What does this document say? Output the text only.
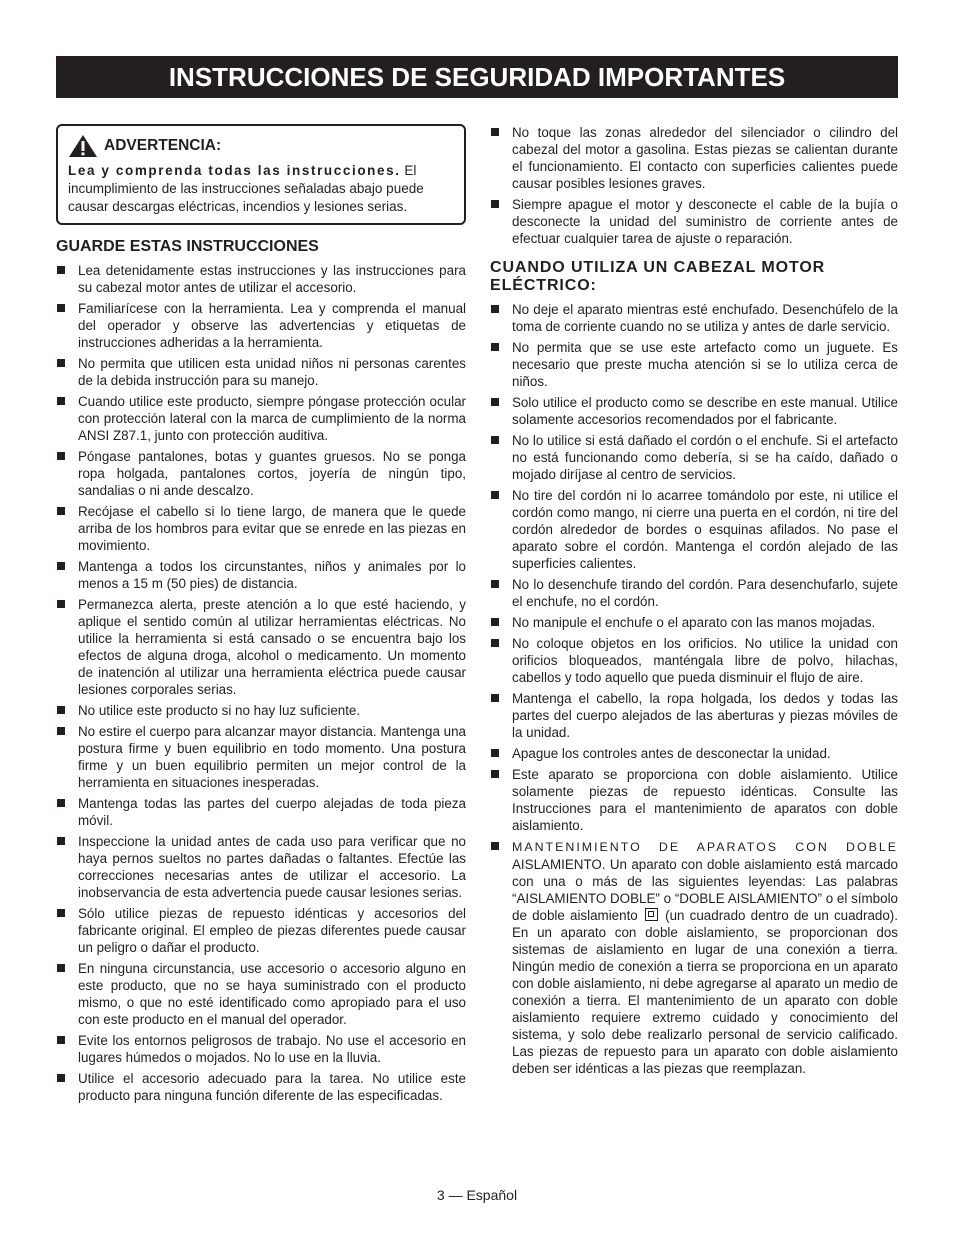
INSTRUCCIONES DE SEGURIDAD IMPORTANTES
ADVERTENCIA:
Lea y comprenda todas las instrucciones. El incumplimiento de las instrucciones señaladas abajo puede causar descargas eléctricas, incendios y lesiones serias.
GUARDE ESTAS INSTRUCCIONES
Lea detenidamente estas instrucciones y las instrucciones para su cabezal motor antes de utilizar el accesorio.
Familiarícese con la herramienta. Lea y comprenda el manual del operador y observe las advertencias y etiquetas de instrucciones adheridas a la herramienta.
No permita que utilicen esta unidad niños ni personas carentes de la debida instrucción para su manejo.
Cuando utilice este producto, siempre póngase protección ocular con protección lateral con la marca de cumplimiento de la norma ANSI Z87.1, junto con protección auditiva.
Póngase pantalones, botas y guantes gruesos. No se ponga ropa holgada, pantalones cortos, joyería de ningún tipo, sandalias o ni ande descalzo.
Recójase el cabello si lo tiene largo, de manera que le quede arriba de los hombros para evitar que se enrede en las piezas en movimiento.
Mantenga a todos los circunstantes, niños y animales por lo menos a 15 m (50 pies) de distancia.
Permanezca alerta, preste atención a lo que esté haciendo, y aplique el sentido común al utilizar herramientas eléctricas. No utilice la herramienta si está cansado o se encuentra bajo los efectos de alguna droga, alcohol o medicamento. Un momento de inatención al utilizar una herramienta eléctrica puede causar lesiones corporales serias.
No utilice este producto si no hay luz suficiente.
No estire el cuerpo para alcanzar mayor distancia. Mantenga una postura firme y buen equilibrio en todo momento. Una postura firme y un buen equilibrio permiten un mejor control de la herramienta en situaciones inesperadas.
Mantenga todas las partes del cuerpo alejadas de toda pieza móvil.
Inspeccione la unidad antes de cada uso para verificar que no haya pernos sueltos no partes dañadas o faltantes. Efectúe las correcciones necesarias antes de utilizar el accesorio. La inobservancia de esta advertencia puede causar lesiones serias.
Sólo utilice piezas de repuesto idénticas y accesorios del fabricante original. El empleo de piezas diferentes puede causar un peligro o dañar el producto.
En ninguna circunstancia, use accesorio o accesorio alguno en este producto, que no se haya suministrado con el producto mismo, o que no esté identificado como apropiado para el uso con este producto en el manual del operador.
Evite los entornos peligrosos de trabajo. No use el accesorio en lugares húmedos o mojados. No lo use en la lluvia.
Utilice el accesorio adecuado para la tarea. No utilice este producto para ninguna función diferente de las especificadas.
No toque las zonas alrededor del silenciador o cilindro del cabezal del motor a gasolina. Estas piezas se calientan durante el funcionamiento. El contacto con superficies calientes puede causar posibles lesiones graves.
Siempre apague el motor y desconecte el cable de la bujía o desconecte la unidad del suministro de corriente antes de efectuar cualquier tarea de ajuste o reparación.
CUANDO UTILIZA UN CABEZAL MOTOR ELÉCTRICO:
No deje el aparato mientras esté enchufado. Desenchúfelo de la toma de corriente cuando no se utiliza y antes de darle servicio.
No permita que se use este artefacto como un juguete. Es necesario que preste mucha atención si se lo utiliza cerca de niños.
Solo utilice el producto como se describe en este manual. Utilice solamente accesorios recomendados por el fabricante.
No lo utilice si está dañado el cordón o el enchufe. Si el artefacto no está funcionando como debería, si se ha caído, dañado o mojado diríjase al centro de servicios.
No tire del cordón ni lo acarree tomándolo por este, ni utilice el cordón como mango, ni cierre una puerta en el cordón, ni tire del cordón alrededor de bordes o esquinas afilados. No pase el aparato sobre el cordón. Mantenga el cordón alejado de las superficies calientes.
No lo desenchufe tirando del cordón. Para desenchufarlo, sujete el enchufe, no el cordón.
No manipule el enchufe o el aparato con las manos mojadas.
No coloque objetos en los orificios. No utilice la unidad con orificios bloqueados, manténgala libre de polvo, hilachas, cabellos y todo aquello que pueda disminuir el flujo de aire.
Mantenga el cabello, la ropa holgada, los dedos y todas las partes del cuerpo alejados de las aberturas y piezas móviles de la unidad.
Apague los controles antes de desconectar la unidad.
Este aparato se proporciona con doble aislamiento. Utilice solamente piezas de repuesto idénticas. Consulte las Instrucciones para el mantenimiento de aparatos con doble aislamiento.
MANTENIMIENTO DE APARATOS CON DOBLE AISLAMIENTO. Un aparato con doble aislamiento está marcado con una o más de las siguientes leyendas: Las palabras “AISLAMIENTO DOBLE” o “DOBLE AISLAMIENTO” o el símbolo de doble aislamiento (un cuadrado dentro de un cuadrado). En un aparato con doble aislamiento, se proporcionan dos sistemas de aislamiento en lugar de una conexión a tierra. Ningún medio de conexión a tierra se proporciona en un aparato con doble aislamiento, ni debe agregarse al aparato un medio de conexión a tierra. El mantenimiento de un aparato con doble aislamiento requiere extremo cuidado y conocimiento del sistema, y solo debe realizarlo personal de servicio calificado. Las piezas de repuesto para un aparato con doble aislamiento deben ser idénticas a las piezas que reemplazan.
3 — Español
